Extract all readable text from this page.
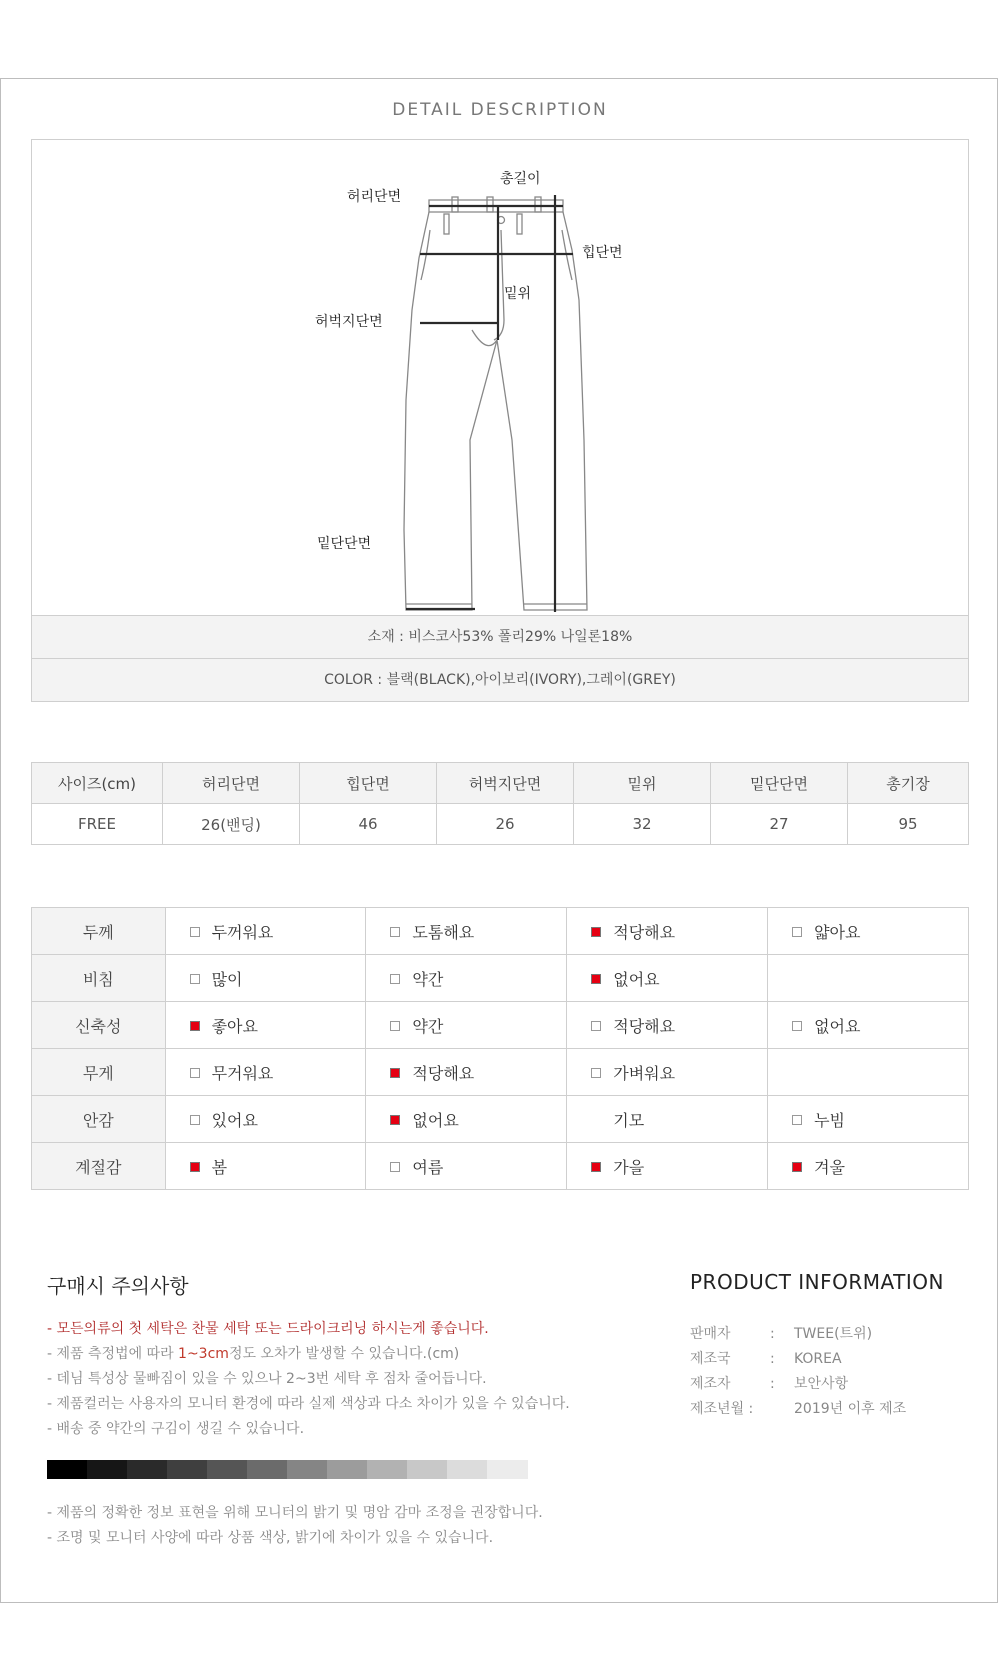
DETAIL DESCRIPTION
허리단면
총길이
힙단면
밑위
허벅지단면
밑단단면
소재 : 비스코사53% 폴리29% 나일론18%
COLOR : 블랙(BLACK),아이보리(IVORY),그레이(GREY)
사이즈(cm)	허리단면	힙단면	허벅지단면	밑위	밑단단면	총기장
FREE	26(밴딩)	46	26	32	27	95
두께	두꺼워요	도톰해요	적당해요	얇아요
비침	많이	약간	없어요	
신축성	좋아요	약간	적당해요	없어요
무게	무거워요	적당해요	가벼워요	
안감	있어요	없어요	기모	누빔
계절감	봄	여름	가을	겨울
구매시 주의사항
- 모든의류의 첫 세탁은 찬물 세탁 또는 드라이크리닝 하시는게 좋습니다.
- 제품 측정법에 따라 1~3cm정도 오차가 발생할 수 있습니다.(cm)
- 데님 특성상 물빠짐이 있을 수 있으나 2~3번 세탁 후 점차 줄어듭니다.
- 제품컬러는 사용자의 모니터 환경에 따라 실제 색상과 다소 차이가 있을 수 있습니다.
- 배송 중 약간의 구김이 생길 수 있습니다.
- 제품의 정확한 정보 표현을 위해 모니터의 밝기 및 명암 감마 조정을 권장합니다.
- 조명 및 모니터 사양에 따라 상품 색상, 밝기에 차이가 있을 수 있습니다.
PRODUCT INFORMATION
판매자	: TWEE(트위)
제조국	: KOREA
제조자	: 보안사항
제조년월 :	2019년 이후 제조
